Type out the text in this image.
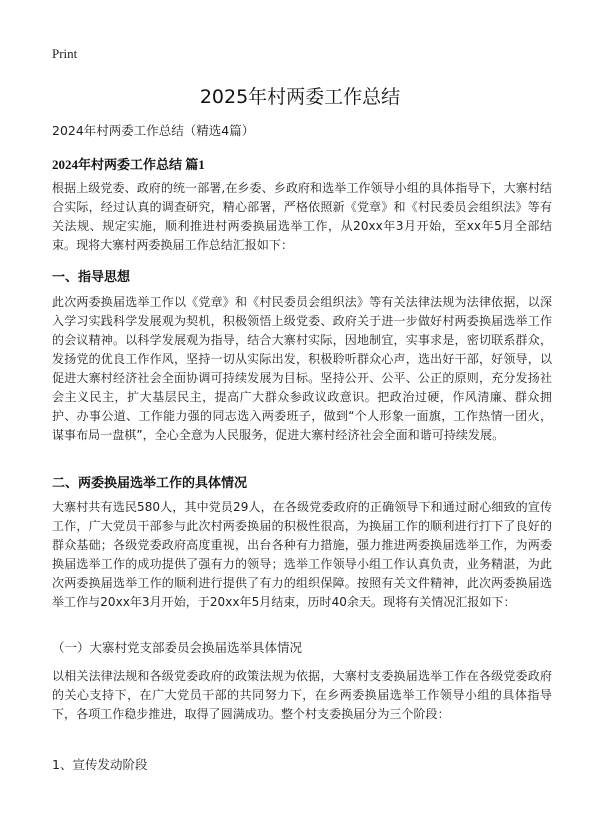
Print
2025年村两委工作总结
2024年村两委工作总结（精选4篇）
2024年村两委工作总结 篇1
根据上级党委、政府的统一部署,在乡委、乡政府和选举工作领导小组的具体指导下，大寨村结合实际，经过认真的调查研究，精心部署，严格依照新《党章》和《村民委员会组织法》等有关法规、规定实施，顺利推进村两委换届选举工作，从20xx年3月开始，至xx年5月全部结束。现将大寨村两委换届工作总结汇报如下：
一、指导思想
此次两委换届选举工作以《党章》和《村民委员会组织法》等有关法律法规为法律依据，以深入学习实践科学发展观为契机，积极领悟上级党委、政府关于进一步做好村两委换届选举工作的会议精神。以科学发展观为指导，结合大寨村实际，因地制宜，实事求是，密切联系群众，发扬党的优良工作作风，坚持一切从实际出发，积极聆听群众心声，选出好干部，好领导，以促进大寨村经济社会全面协调可持续发展为目标。坚持公开、公平、公正的原则，充分发扬社会主义民主，扩大基层民主，提高广大群众参政议政意识。把政治过硬，作风清廉、群众拥护、办事公道、工作能力强的同志选入两委班子，做到“个人形象一面旗，工作热情一团火，谋事布局一盘棋”，全心全意为人民服务，促进大寨村经济社会全面和谐可持续发展。
二、两委换届选举工作的具体情况
大寨村共有选民580人，其中党员29人，在各级党委政府的正确领导下和通过耐心细致的宣传工作，广大党员干部参与此次村两委换届的积极性很高，为换届工作的顺利进行打下了良好的群众基础；各级党委政府高度重视，出台各种有力措施，强力推进两委换届选举工作，为两委换届选举工作的成功提供了强有力的领导；选举工作领导小组工作认真负责，业务精湛，为此次两委换届选举工作的顺利进行提供了有力的组织保障。按照有关文件精神，此次两委换届选举工作与20xx年3月开始，于20xx年5月结束，历时40余天。现将有关情况汇报如下：
（一）大寨村党支部委员会换届选举具体情况
以相关法律法规和各级党委政府的政策法规为依据，大寨村支委换届选举工作在各级党委政府的关心支持下，在广大党员干部的共同努力下，在乡两委换届选举工作领导小组的具体指导下，各项工作稳步推进，取得了圆满成功。整个村支委换届分为三个阶段：
1、宣传发动阶段
